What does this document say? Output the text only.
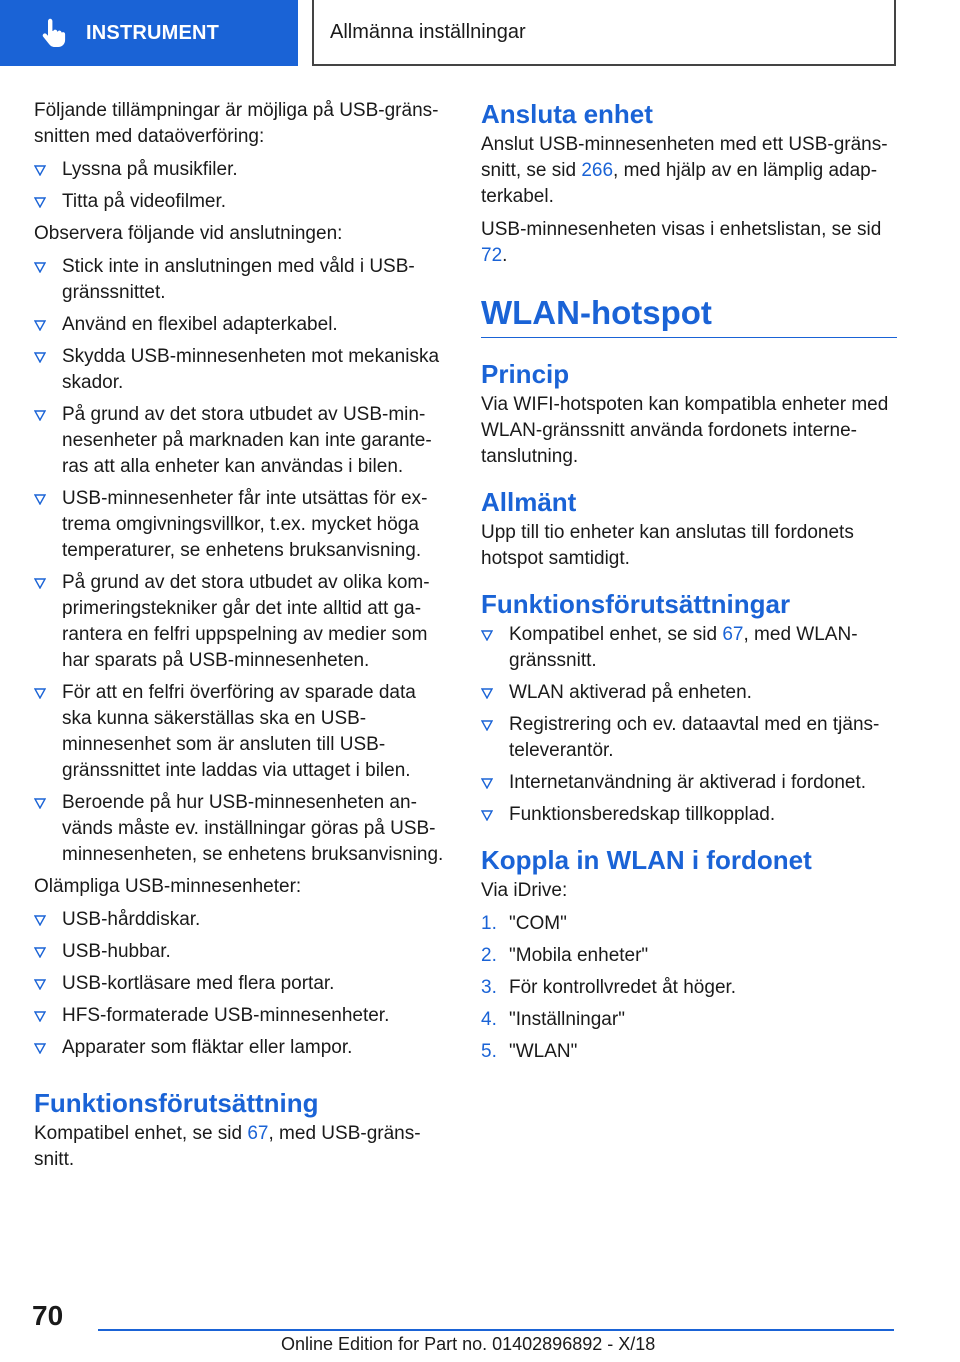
INSTRUMENT	Allmänna inställningar

Följande tillämpningar är möjliga på USB-gränssnitten med dataöverföring:

Lyssna på musikfiler.
Titta på videofilmer.

Observera följande vid anslutningen:

Stick inte in anslutningen med våld i USB-gränssnittet.
Använd en flexibel adapterkabel.
Skydda USB-minnesenheten mot mekaniska skador.
På grund av det stora utbudet av USB-minnesenheter på marknaden kan inte garanteras att alla enheter kan användas i bilen.
USB-minnesenheter får inte utsättas för extrema omgivningsvillkor, t.ex. mycket höga temperaturer, se enhetens bruksanvisning.
På grund av det stora utbudet av olika komprimeringstekniker går det inte alltid att garantera en felfri uppspelning av medier som har sparats på USB-minnesenheten.
För att en felfri överföring av sparade data ska kunna säkerställas ska en USB-minnesenhet som är ansluten till USB-gränssnittet inte laddas via uttaget i bilen.
Beroende på hur USB-minnesenheten används måste ev. inställningar göras på USB-minnesenheten, se enhetens bruksanvisning.

Olämpliga USB-minnesenheter:

USB-hårddiskar.
USB-hubbar.
USB-kortläsare med flera portar.
HFS-formaterade USB-minnesenheter.
Apparater som fläktar eller lampor.
Funktionsförutsättning

Kompatibel enhet, se sid 67, med USB-gränssnitt.

Ansluta enhet

Anslut USB-minnesenheten med ett USB-gränssnitt, se sid 266, med hjälp av en lämplig adapterkabel.

USB-minnesenheten visas i enhetslistan, se sid 72.

WLAN-hotspot
Princip

Via WIFI-hotspoten kan kompatibla enheter med WLAN-gränssnitt använda fordonets internetanslutning.

Allmänt

Upp till tio enheter kan anslutas till fordonets hotspot samtidigt.

Funktionsförutsättningar
Kompatibel enhet, se sid 67, med WLAN-gränssnitt.
WLAN aktiverad på enheten.
Registrering och ev. dataavtal med en tjänsteleverantör.
Internetanvändning är aktiverad i fordonet.
Funktionsberedskap tillkopplad.
Koppla in WLAN i fordonet

Via iDrive:

1. "COM"
2. "Mobila enheter"
3. För kontrollvredet åt höger.
4. "Inställningar"
5. "WLAN"
70
Online Edition for Part no. 01402896892 - X/18
